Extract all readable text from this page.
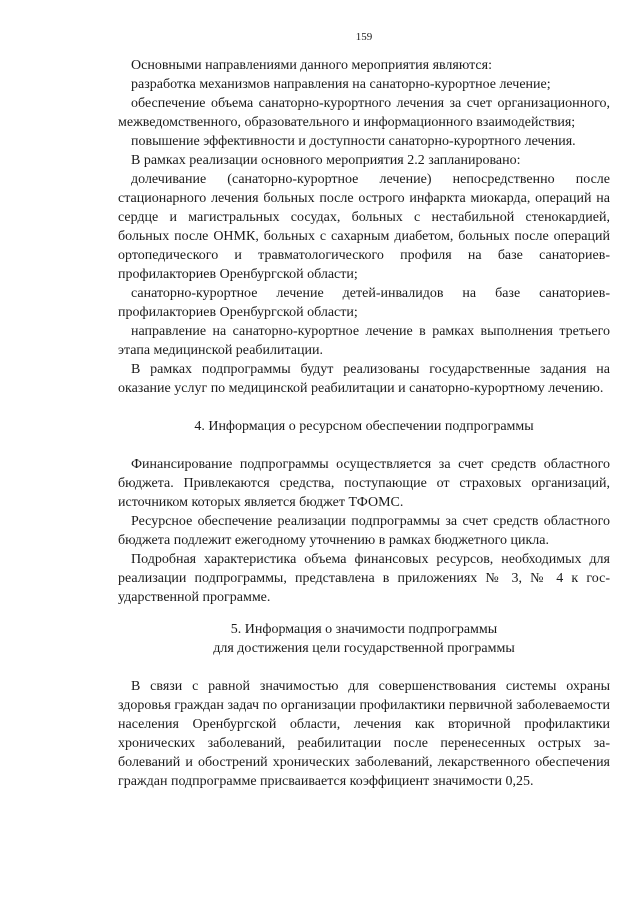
159

Основными направлениями данного мероприятия являются:

разработка механизмов направления на санаторно-курортное лечение;

обеспечение объема санаторно-курортного лечения за счет организационного, межведомственного, образовательного и информационного взаимодействия;

повышение эффективности и доступности санаторно-курортного лечения.

В рамках реализации основного мероприятия 2.2 запланировано:

долечивание (санаторно-курортное лечение) непосредственно после стационарного лечения больных после острого инфаркта миокарда, операций на сердце и магистральных сосудах, больных с нестабильной стенокардией, больных после ОНМК, больных с сахарным диабетом, больных после операций ортопедического и травматологического профиля на базе санаториев-профилакториев Оренбургской области;

санаторно-курортное лечение детей-инвалидов на базе санаториев-профилакториев Оренбургской области;

направление на санаторно-курортное лечение в рамках выполнения третьего этапа медицинской реабилитации.

В рамках подпрограммы будут реализованы государственные задания на оказание услуг по медицинской реабилитации и санаторно-курортному лечению.

4. Информация о ресурсном обеспечении подпрограммы

Финансирование подпрограммы осуществляется за счет средств областного бюджета. Привлекаются средства, поступающие от страховых организаций, источником которых является бюджет ТФОМС.

Ресурсное обеспечение реализации подпрограммы за счет средств областного бюджета подлежит ежегодному уточнению в рамках бюджетного цикла.

Подробная характеристика объема финансовых ресурсов, необходимых для реализации подпрограммы, представлена в приложениях № 3, № 4 к государственной программе.

5. Информация о значимости подпрограммы

для достижения цели государственной программы

В связи с равной значимостью для совершенствования системы охраны здоровья граждан задач по организации профилактики первичной заболеваемости населения Оренбургской области, лечения как вторичной профилактики хронических заболеваний, реабилитации после перенесенных острых заболеваний и обострений хронических заболеваний, лекарственного обеспечения граждан подпрограмме присваивается коэффициент значимости 0,25.
